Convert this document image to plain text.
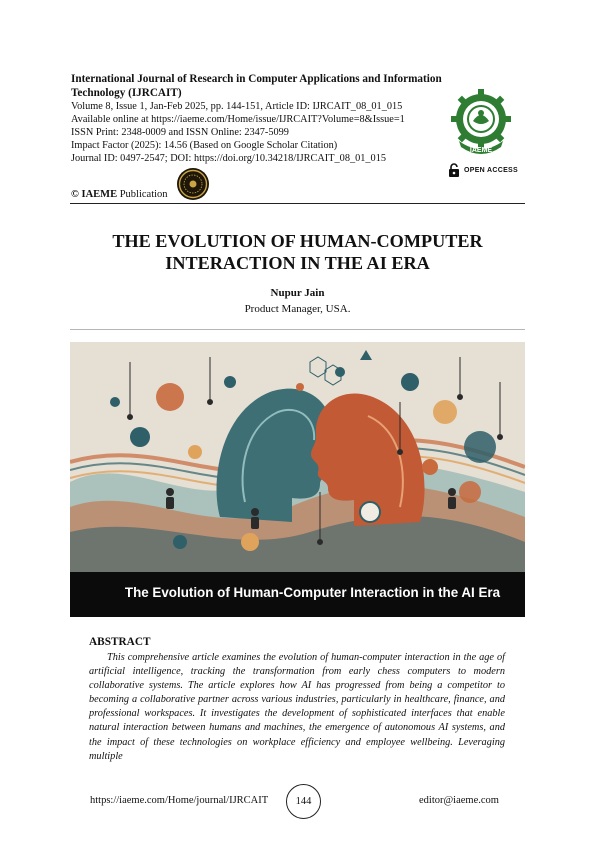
International Journal of Research in Computer Applications and Information Technology (IJRCAIT)
Volume 8, Issue 1, Jan-Feb 2025, pp. 144-151, Article ID: IJRCAIT_08_01_015
Available online at https://iaeme.com/Home/issue/IJRCAIT?Volume=8&Issue=1
ISSN Print: 2348-0009 and ISSN Online: 2347-5099
Impact Factor (2025): 14.56 (Based on Google Scholar Citation)
Journal ID: 0497-2547; DOI: https://doi.org/10.34218/IJRCAIT_08_01_015
IAEME
OPEN ACCESS
© IAEME Publication
THE EVOLUTION OF HUMAN-COMPUTER INTERACTION IN THE AI ERA
Nupur Jain
Product Manager, USA.
The Evolution of Human-Computer Interaction in the AI Era
ABSTRACT
This comprehensive article examines the evolution of human-computer interaction in the age of artificial intelligence, tracking the transformation from early chess computers to modern collaborative systems. The article explores how AI has progressed from being a competitor to becoming a collaborative partner across various industries, particularly in healthcare, finance, and professional workspaces. It investigates the development of sophisticated interfaces that enable natural interaction between humans and machines, the emergence of autonomous AI systems, and the impact of these technologies on workplace efficiency and employee wellbeing. Leveraging multiple
https://iaeme.com/Home/journal/IJRCAIT	144	editor@iaeme.com
